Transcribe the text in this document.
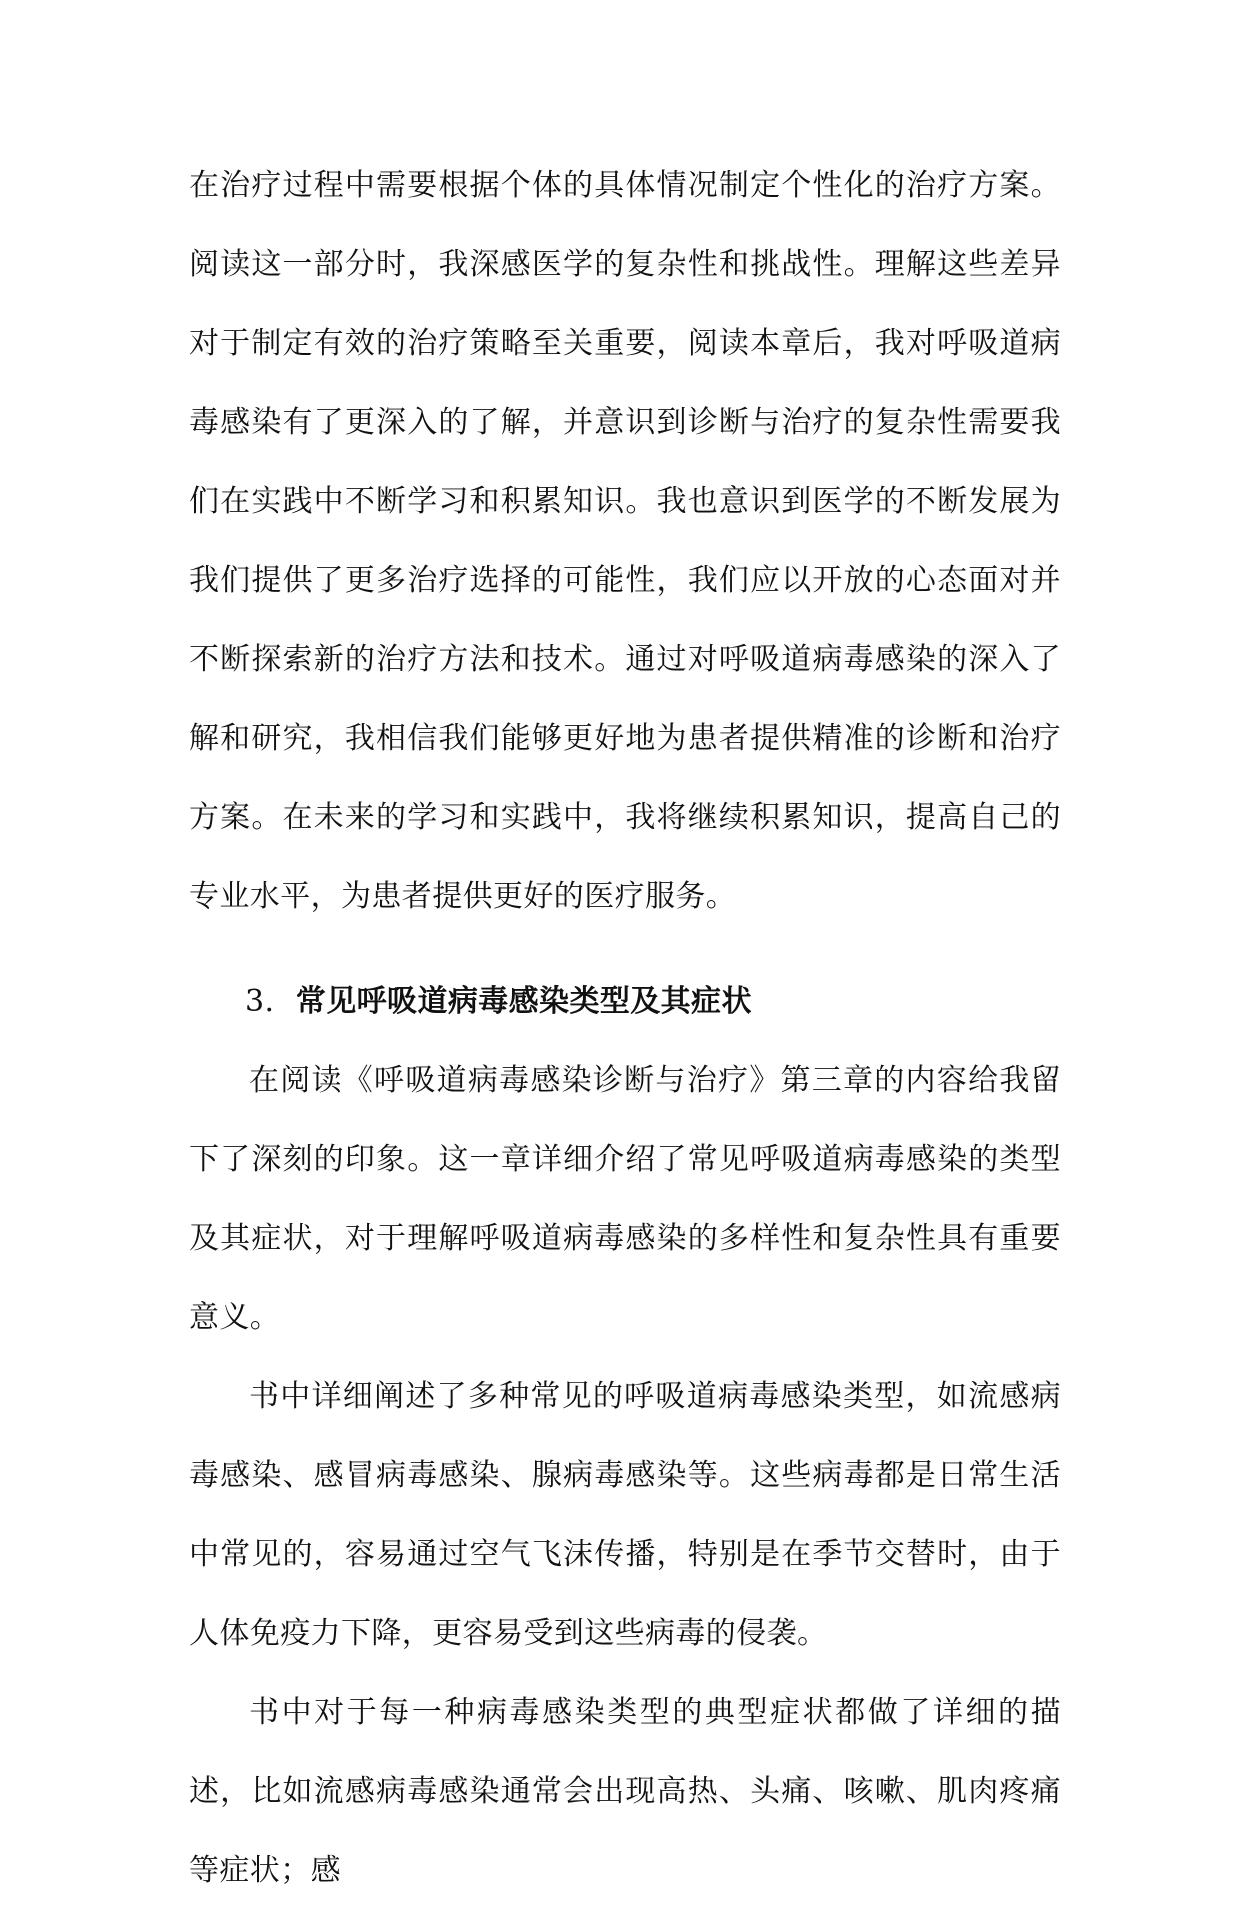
在治疗过程中需要根据个体的具体情况制定个性化的治疗方案。阅读这一部分时，我深感医学的复杂性和挑战性。理解这些差异对于制定有效的治疗策略至关重要，阅读本章后，我对呼吸道病毒感染有了更深入的了解，并意识到诊断与治疗的复杂性需要我们在实践中不断学习和积累知识。我也意识到医学的不断发展为我们提供了更多治疗选择的可能性，我们应以开放的心态面对并不断探索新的治疗方法和技术。通过对呼吸道病毒感染的深入了解和研究，我相信我们能够更好地为患者提供精准的诊断和治疗方案。在未来的学习和实践中，我将继续积累知识，提高自己的专业水平，为患者提供更好的医疗服务。

3. 常见呼吸道病毒感染类型及其症状

在阅读《呼吸道病毒感染诊断与治疗》第三章的内容给我留下了深刻的印象。这一章详细介绍了常见呼吸道病毒感染的类型及其症状，对于理解呼吸道病毒感染的多样性和复杂性具有重要意义。

书中详细阐述了多种常见的呼吸道病毒感染类型，如流感病毒感染、感冒病毒感染、腺病毒感染等。这些病毒都是日常生活中常见的，容易通过空气飞沫传播，特别是在季节交替时，由于人体免疫力下降，更容易受到这些病毒的侵袭。

书中对于每一种病毒感染类型的典型症状都做了详细的描述，比如流感病毒感染通常会出现高热、头痛、咳嗽、肌肉疼痛等症状；感
